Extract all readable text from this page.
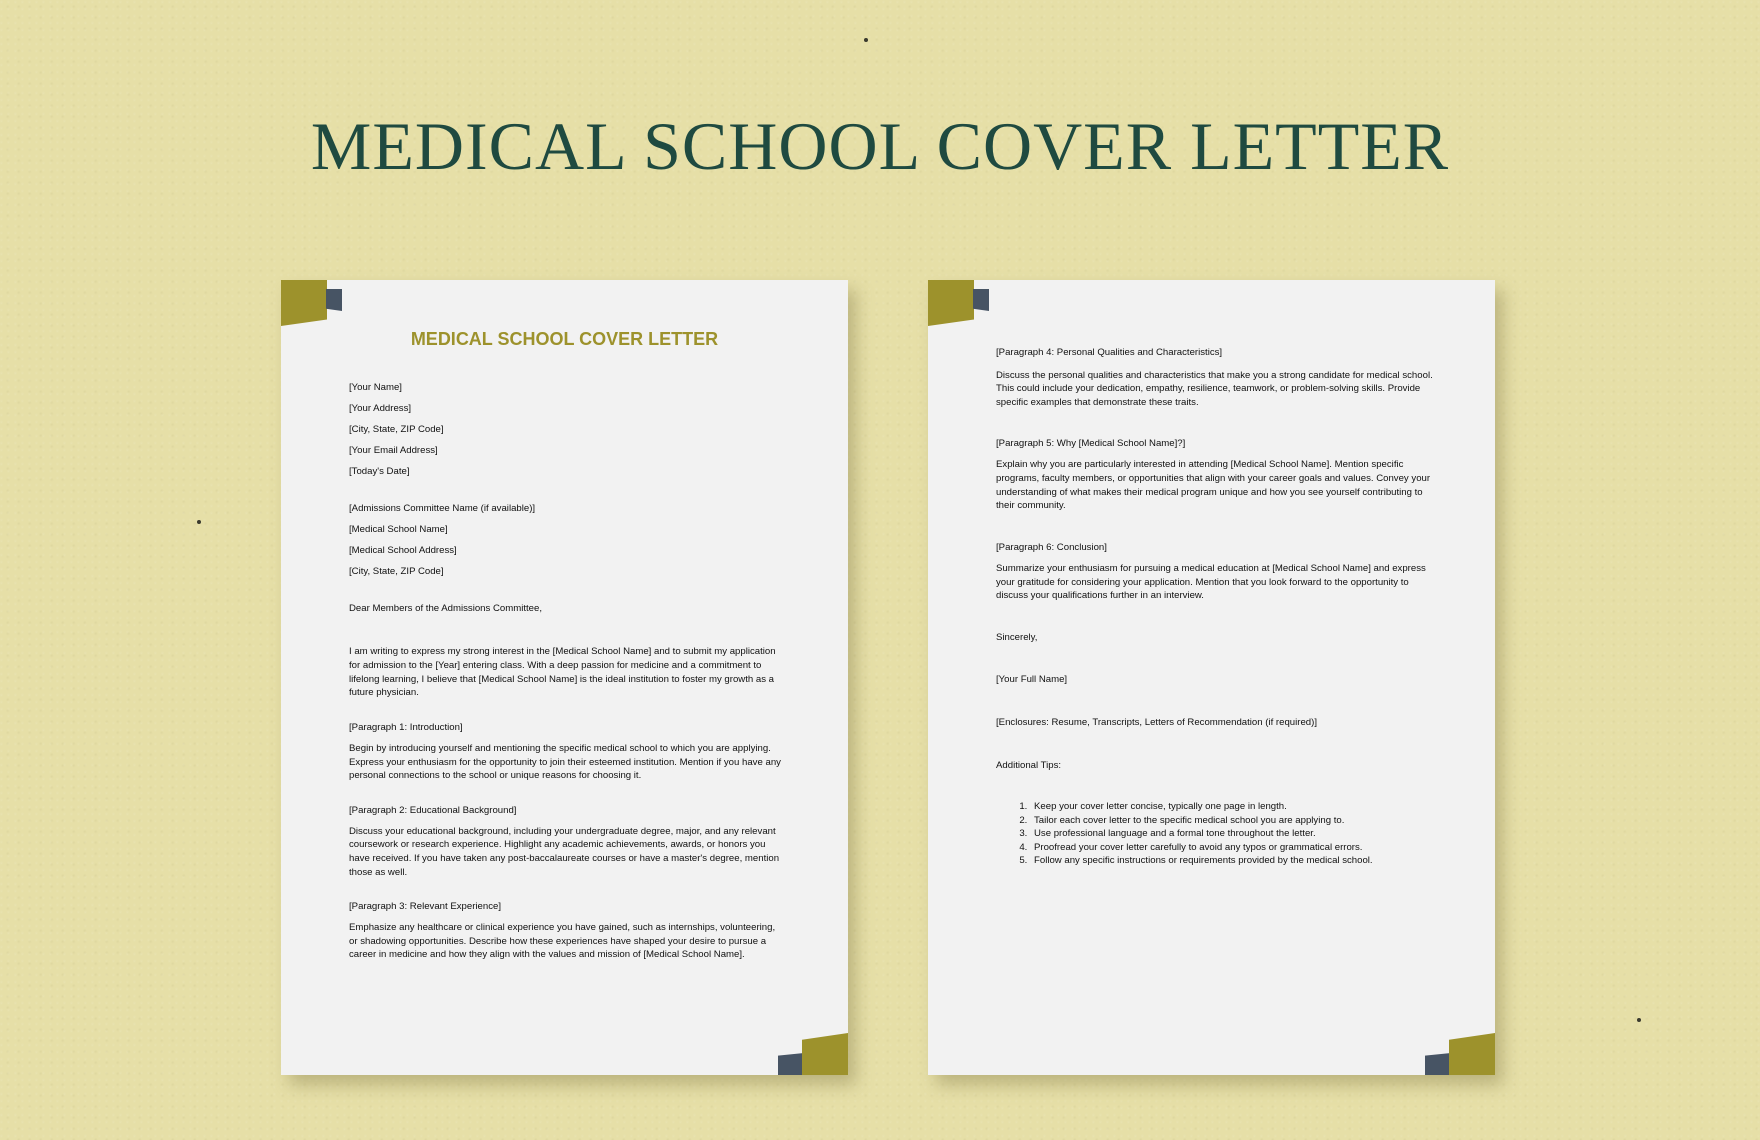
MEDICAL SCHOOL COVER LETTER
MEDICAL SCHOOL COVER LETTER

[Your Name]

[Your Address]

[City, State, ZIP Code]

[Your Email Address]

[Today's Date]

[Admissions Committee Name (if available)]

[Medical School Name]

[Medical School Address]

[City, State, ZIP Code]

Dear Members of the Admissions Committee,

I am writing to express my strong interest in the [Medical School Name] and to submit my application for admission to the [Year] entering class. With a deep passion for medicine and a commitment to lifelong learning, I believe that [Medical School Name] is the ideal institution to foster my growth as a future physician.

[Paragraph 1: Introduction]

Begin by introducing yourself and mentioning the specific medical school to which you are applying. Express your enthusiasm for the opportunity to join their esteemed institution. Mention if you have any personal connections to the school or unique reasons for choosing it.

[Paragraph 2: Educational Background]

Discuss your educational background, including your undergraduate degree, major, and any relevant coursework or research experience. Highlight any academic achievements, awards, or honors you have received. If you have taken any post-baccalaureate courses or have a master's degree, mention those as well.

[Paragraph 3: Relevant Experience]

Emphasize any healthcare or clinical experience you have gained, such as internships, volunteering, or shadowing opportunities. Describe how these experiences have shaped your desire to pursue a career in medicine and how they align with the values and mission of [Medical School Name].

[Paragraph 4: Personal Qualities and Characteristics]

Discuss the personal qualities and characteristics that make you a strong candidate for medical school. This could include your dedication, empathy, resilience, teamwork, or problem-solving skills. Provide specific examples that demonstrate these traits.

[Paragraph 5: Why [Medical School Name]?]

Explain why you are particularly interested in attending [Medical School Name]. Mention specific programs, faculty members, or opportunities that align with your career goals and values. Convey your understanding of what makes their medical program unique and how you see yourself contributing to their community.

[Paragraph 6: Conclusion]

Summarize your enthusiasm for pursuing a medical education at [Medical School Name] and express your gratitude for considering your application. Mention that you look forward to the opportunity to discuss your qualifications further in an interview.

Sincerely,

[Your Full Name]

[Enclosures: Resume, Transcripts, Letters of Recommendation (if required)]

Additional Tips:

1. Keep your cover letter concise, typically one page in length.
2. Tailor each cover letter to the specific medical school you are applying to.
3. Use professional language and a formal tone throughout the letter.
4. Proofread your cover letter carefully to avoid any typos or grammatical errors.
5. Follow any specific instructions or requirements provided by the medical school.
